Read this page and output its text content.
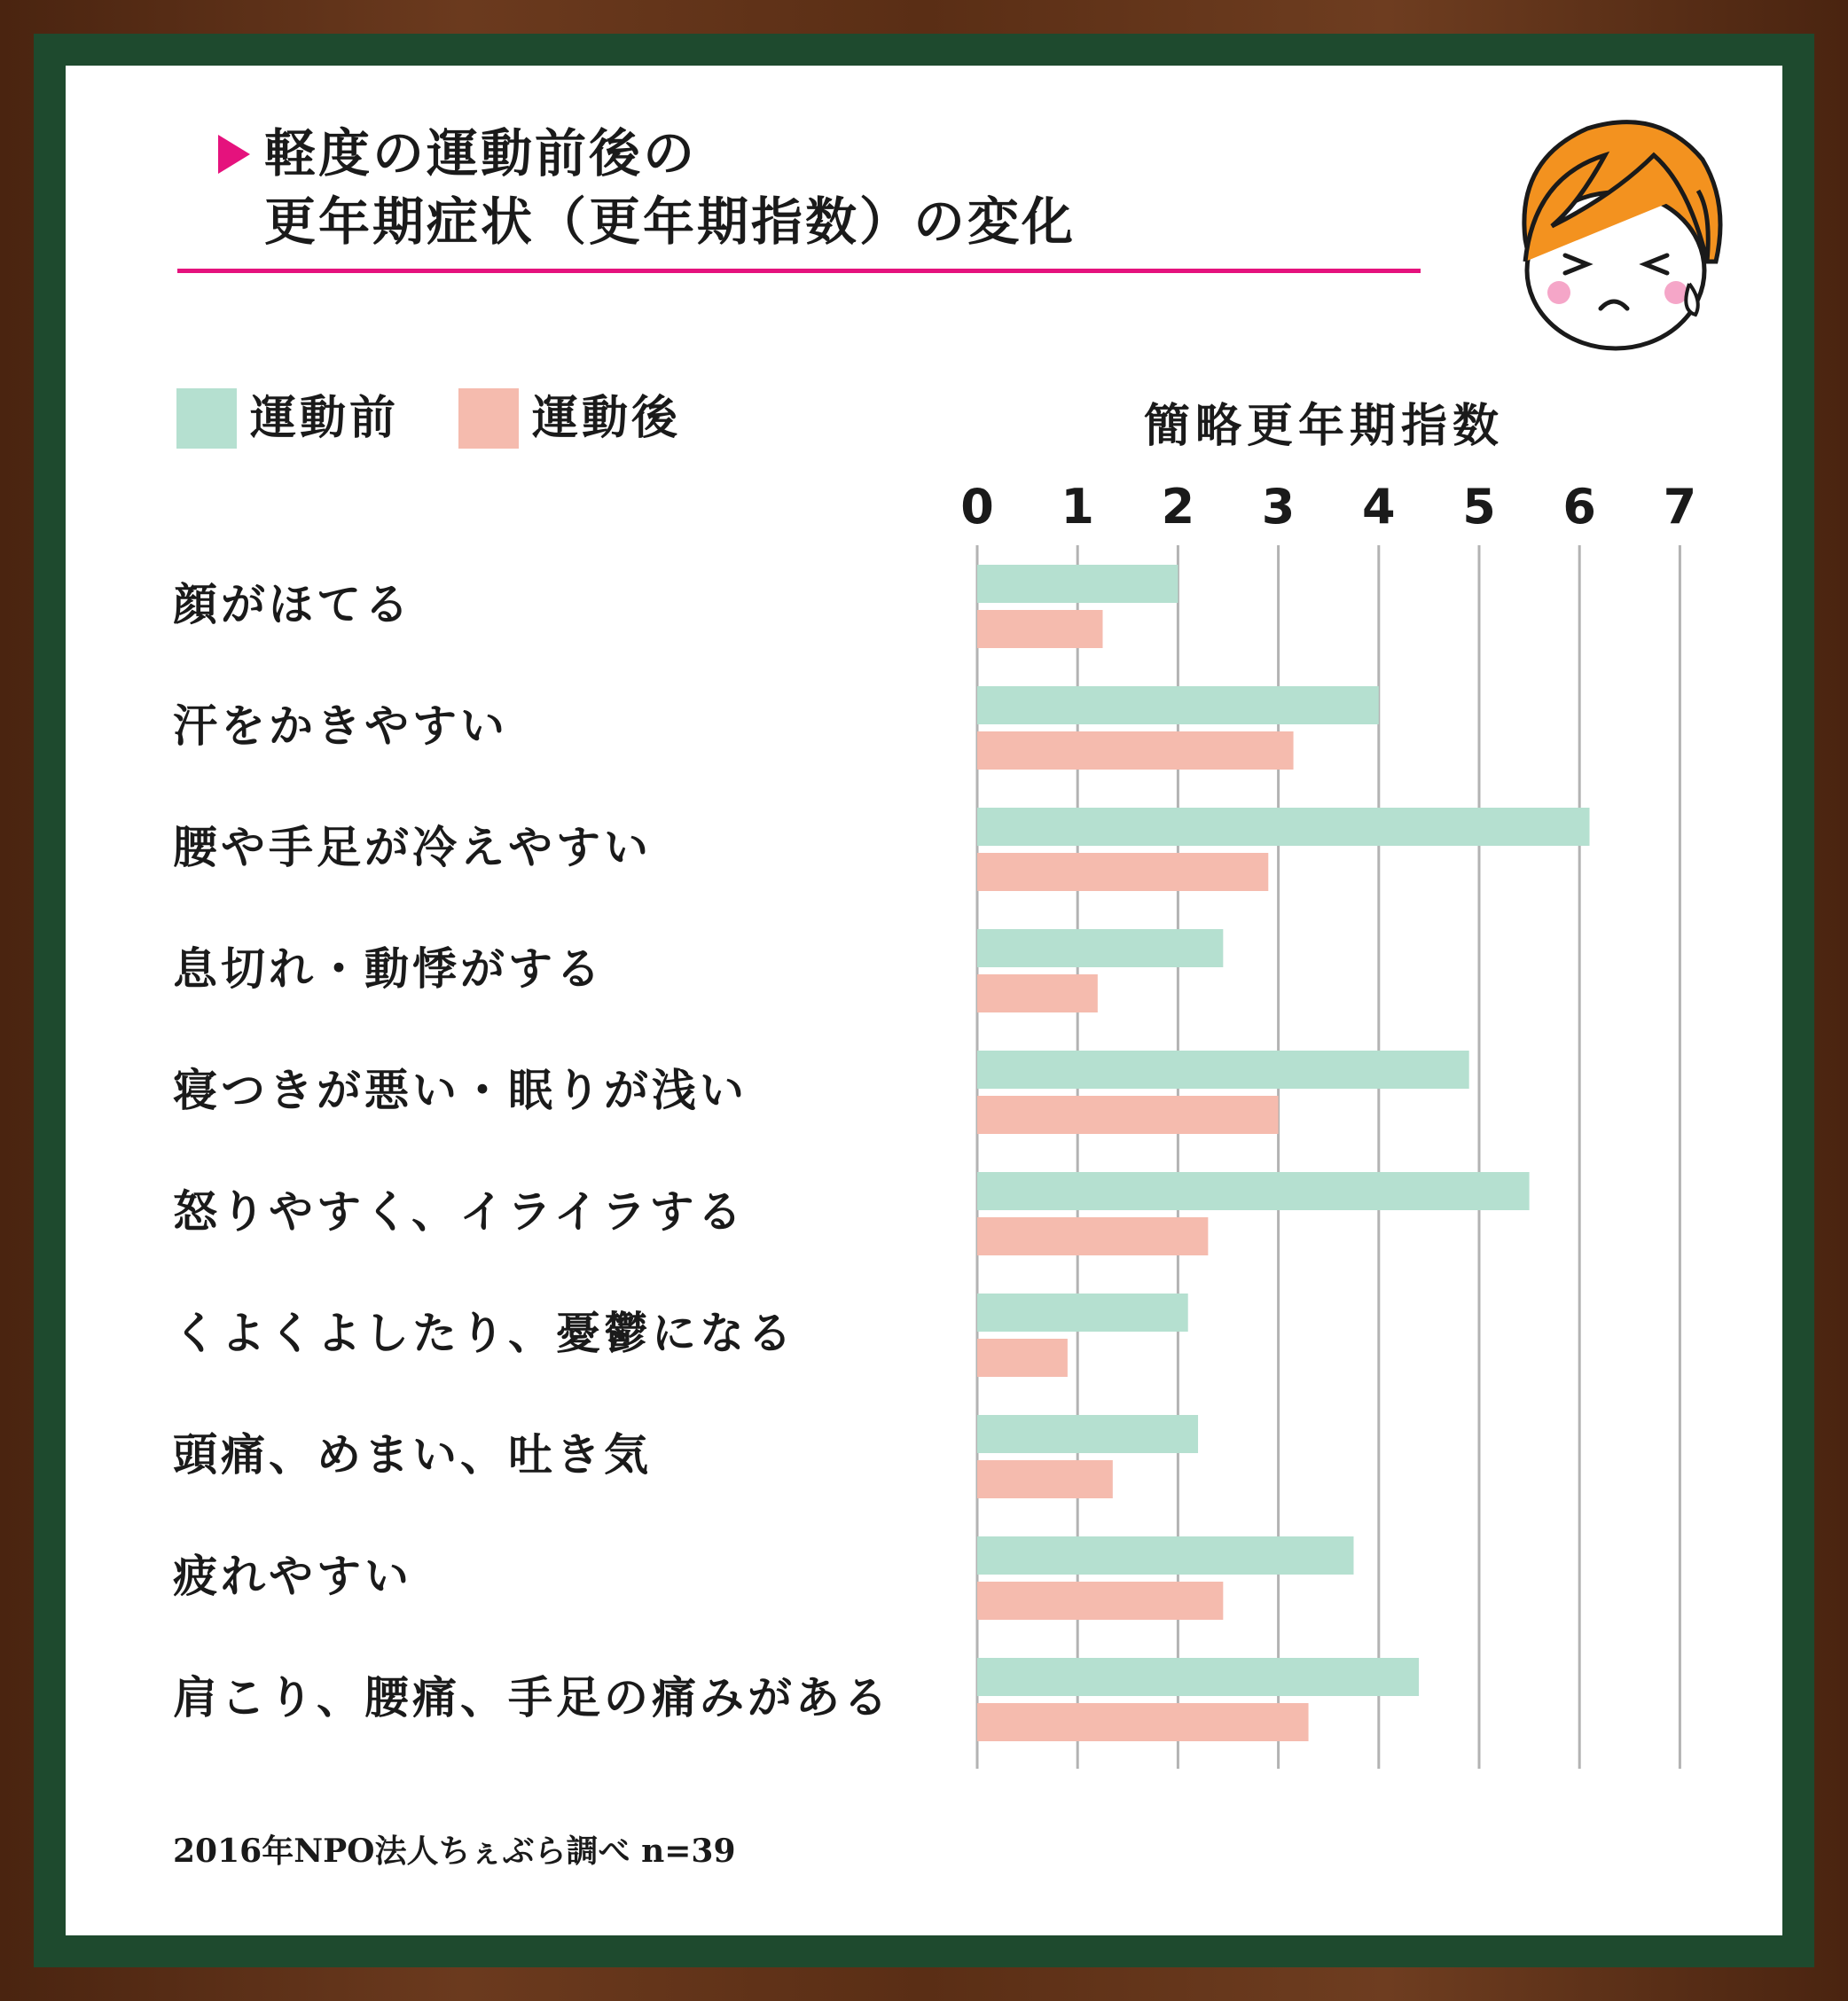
軽度の運動前後の
更年期症状（更年期指数）の変化
運動前	運動後	簡略更年期指数
0 1 2 3 4 5 6 7
顔がほてる
汗をかきやすい
腰や手足が冷えやすい
息切れ・動悸がする
寝つきが悪い・眠りが浅い
怒りやすく、イライラする
くよくよしたり、憂鬱になる
頭痛、めまい、吐き気
疲れやすい
肩こり、腰痛、手足の痛みがある
2016年NPO法人ちぇぶら調べ n=39
